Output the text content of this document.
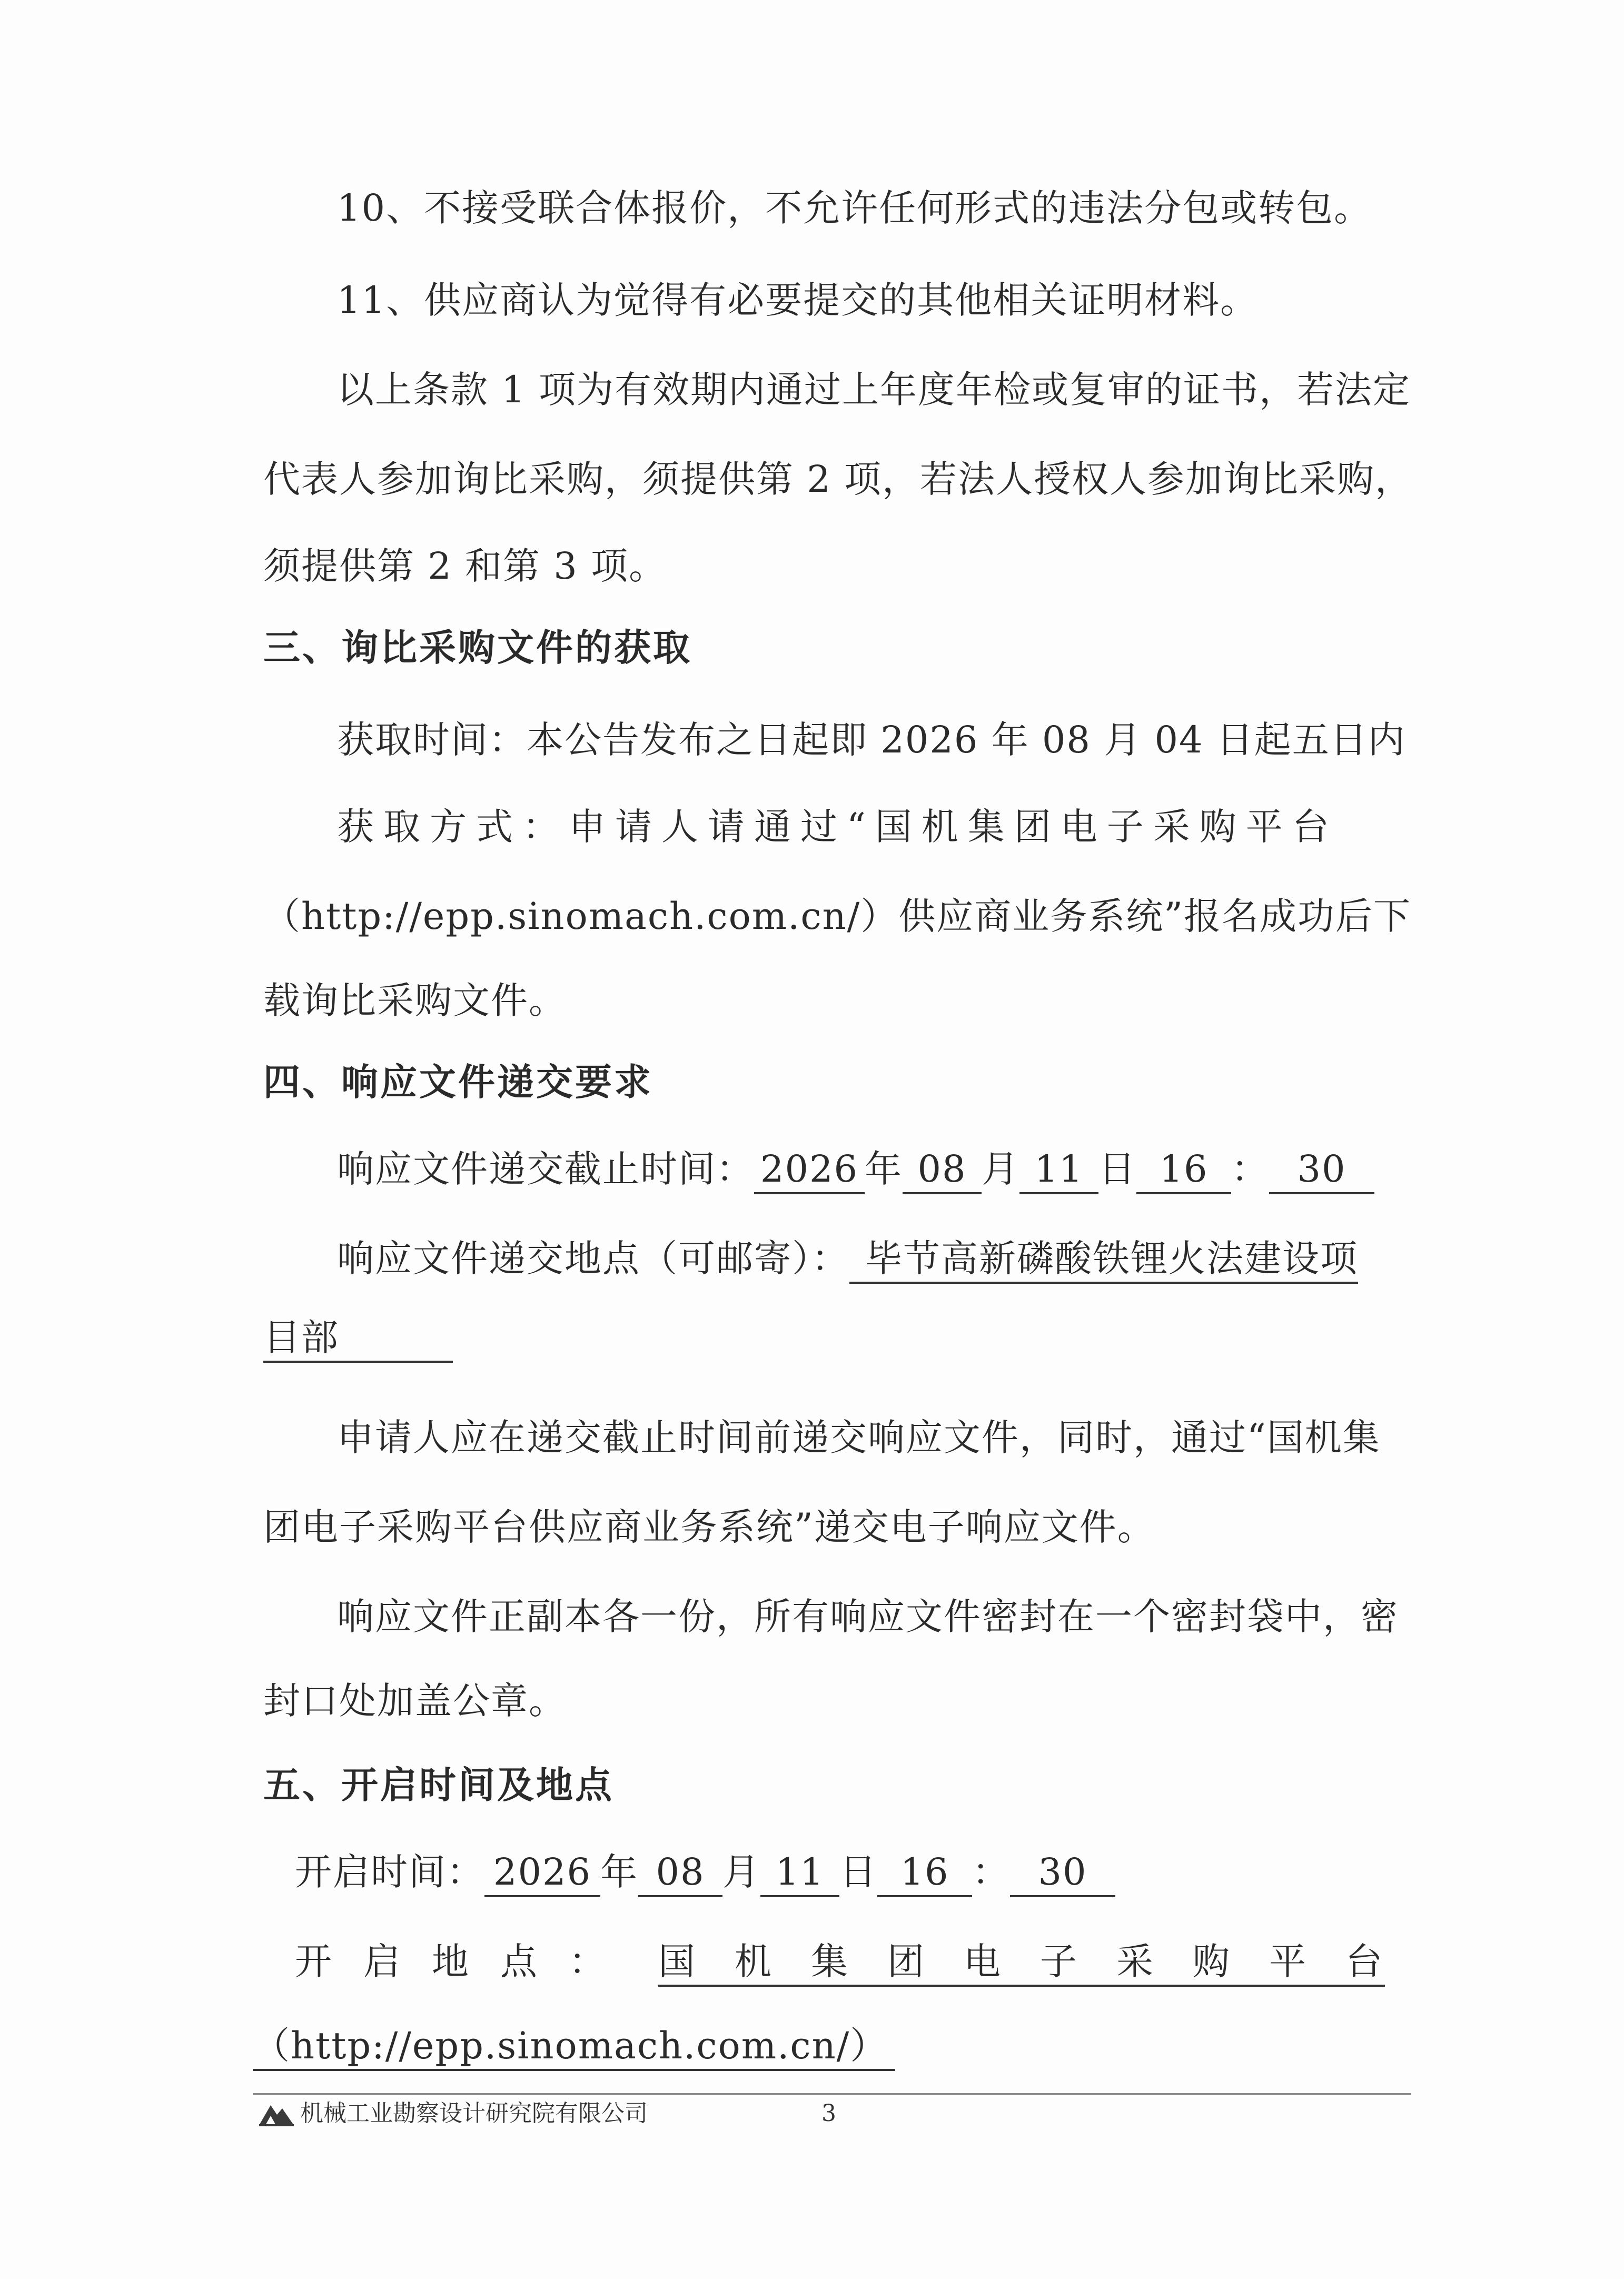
10、不接受联合体报价，不允许任何形式的违法分包或转包。
11、供应商认为觉得有必要提交的其他相关证明材料。
以上条款 1 项为有效期内通过上年度年检或复审的证书，若法定
代表人参加询比采购，须提供第 2 项，若法人授权人参加询比采购，
须提供第 2 和第 3 项。
三、询比采购文件的获取
获取时间：本公告发布之日起即 2026 年 08 月 04 日起五日内
获取方式：申请人请通过“国机集团电子采购平台
（http://epp.sinomach.com.cn/）供应商业务系统”报名成功后下
载询比采购文件。
四、响应文件递交要求
响应文件递交截止时间： 2026 年 08 月 11 日 16 ： 30
响应文件递交地点（可邮寄）： 毕节高新磷酸铁锂火法建设项
目部
申请人应在递交截止时间前递交响应文件，同时，通过“国机集
团电子采购平台供应商业务系统”递交电子响应文件。
响应文件正副本各一份，所有响应文件密封在一个密封袋中，密
封口处加盖公章。
五、开启时间及地点
开启时间： 2026 年 08 月 11 日 16 ： 30
开启地点： 国机集团电子采购平台
（http://epp.sinomach.com.cn/）
机械工业勘察设计研究院有限公司	3
